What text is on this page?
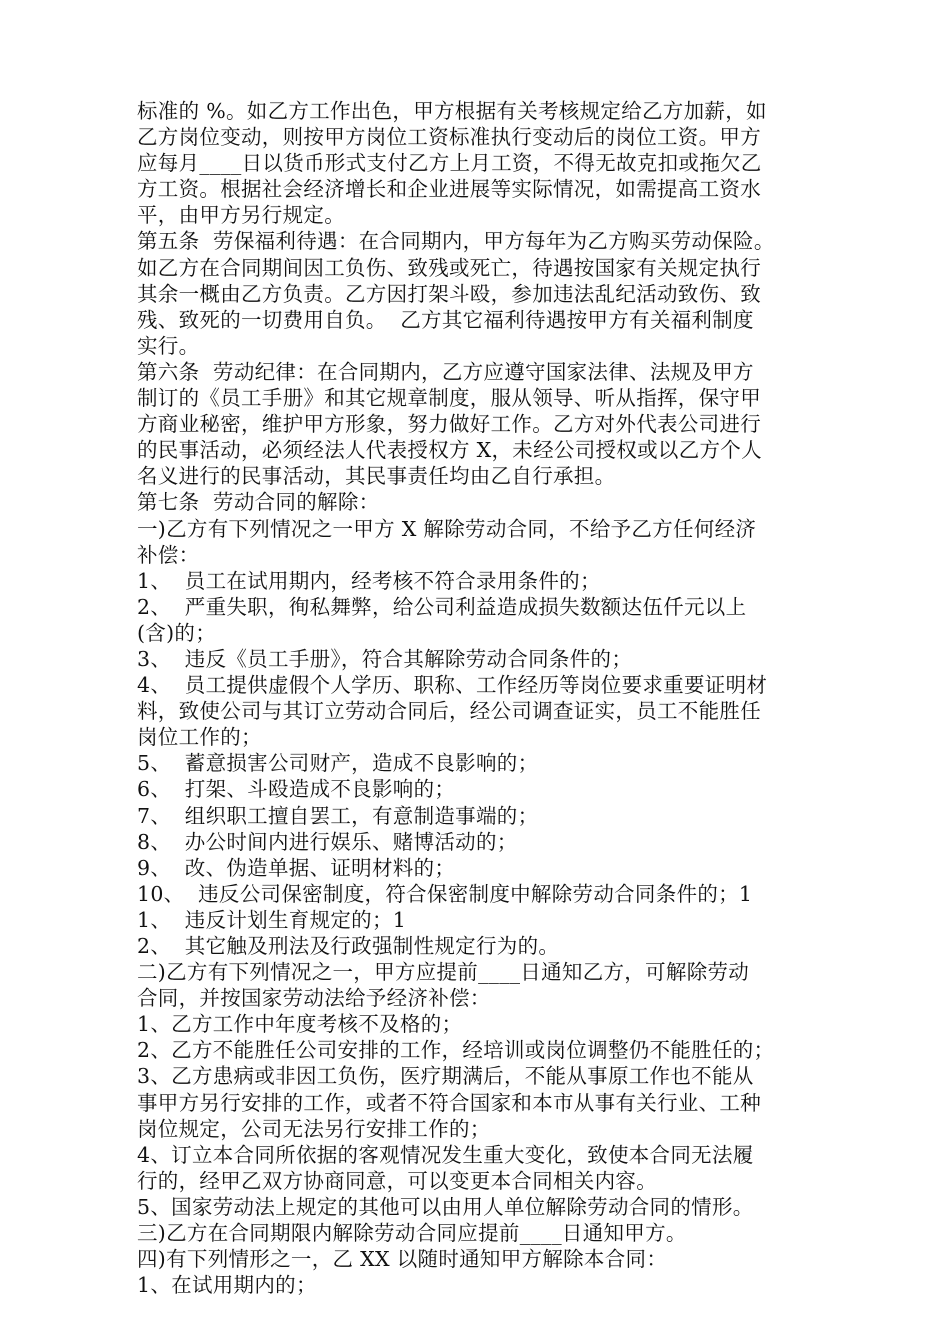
标准的 %。如乙方工作出色，甲方根据有关考核规定给乙方加薪，如
乙方岗位变动，则按甲方岗位工资标准执行变动后的岗位工资。甲方
应每月____日以货币形式支付乙方上月工资，不得无故克扣或拖欠乙
方工资。根据社会经济增长和企业进展等实际情况，如需提高工资水
平，由甲方另行规定。
第五条  劳保福利待遇：在合同期内，甲方每年为乙方购买劳动保险。
如乙方在合同期间因工负伤、致残或死亡，待遇按国家有关规定执行
其余一概由乙方负责。乙方因打架斗殴，参加违法乱纪活动致伤、致
残、致死的一切费用自负。  乙方其它福利待遇按甲方有关福利制度
实行。
第六条  劳动纪律：在合同期内，乙方应遵守国家法律、法规及甲方
制订的《员工手册》和其它规章制度，服从领导、听从指挥，保守甲
方商业秘密，维护甲方形象，努力做好工作。乙方对外代表公司进行
的民事活动，必须经法人代表授权方 X，未经公司授权或以乙方个人
名义进行的民事活动，其民事责任均由乙自行承担。
第七条  劳动合同的解除：
一)乙方有下列情况之一甲方 X 解除劳动合同，不给予乙方任何经济
补偿：
1、  员工在试用期内，经考核不符合录用条件的；
2、  严重失职，徇私舞弊，给公司利益造成损失数额达伍仟元以上
(含)的；
3、  违反《员工手册》，符合其解除劳动合同条件的；
4、  员工提供虚假个人学历、职称、工作经历等岗位要求重要证明材
料，致使公司与其订立劳动合同后，经公司调查证实，员工不能胜任
岗位工作的；
5、  蓄意损害公司财产，造成不良影响的；
6、  打架、斗殴造成不良影响的；
7、  组织职工擅自罢工，有意制造事端的；
8、  办公时间内进行娱乐、赌博活动的；
9、  改、伪造单据、证明材料的；
10、  违反公司保密制度，符合保密制度中解除劳动合同条件的；1
1、  违反计划生育规定的；1
2、  其它触及刑法及行政强制性规定行为的。
二)乙方有下列情况之一，甲方应提前____日通知乙方，可解除劳动
合同，并按国家劳动法给予经济补偿：
1、乙方工作中年度考核不及格的；
2、乙方不能胜任公司安排的工作，经培训或岗位调整仍不能胜任的；
3、乙方患病或非因工负伤，医疗期满后，不能从事原工作也不能从
事甲方另行安排的工作，或者不符合国家和本市从事有关行业、工种
岗位规定，公司无法另行安排工作的；
4、订立本合同所依据的客观情况发生重大变化，致使本合同无法履
行的，经甲乙双方协商同意，可以变更本合同相关内容。
5、国家劳动法上规定的其他可以由用人单位解除劳动合同的情形。
三)乙方在合同期限内解除劳动合同应提前____日通知甲方。
四)有下列情形之一，乙 XX 以随时通知甲方解除本合同：
1、在试用期内的；
